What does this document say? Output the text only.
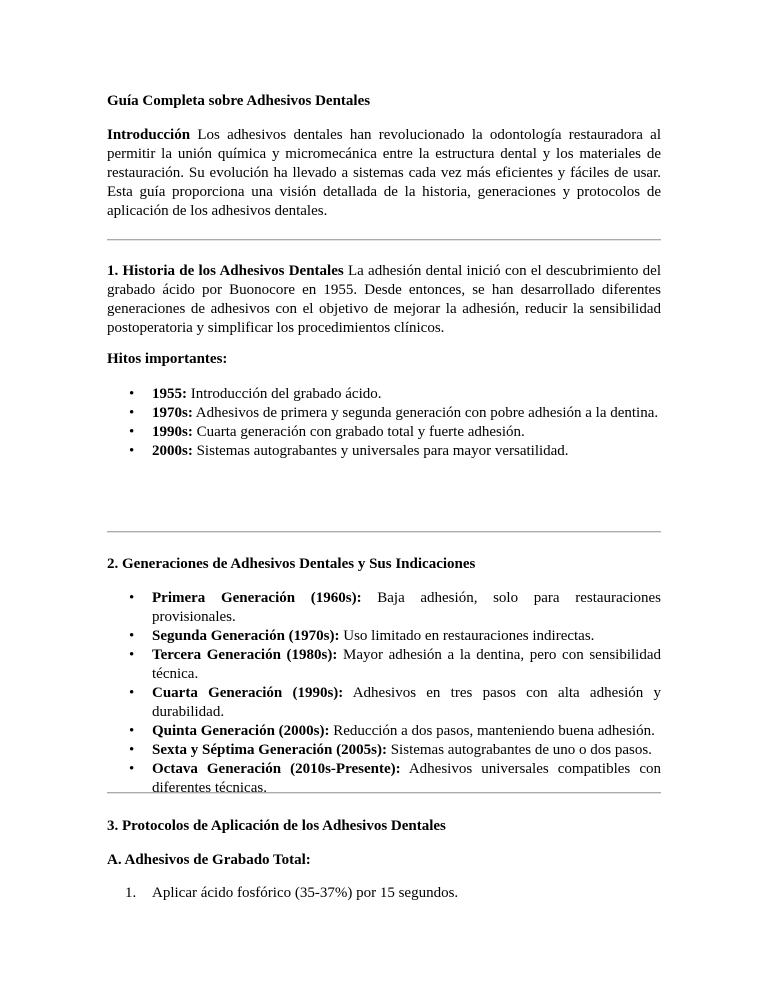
Guía Completa sobre Adhesivos Dentales

Introducción Los adhesivos dentales han revolucionado la odontología restauradora al permitir la unión química y micromecánica entre la estructura dental y los materiales de restauración. Su evolución ha llevado a sistemas cada vez más eficientes y fáciles de usar. Esta guía proporciona una visión detallada de la historia, generaciones y protocolos de aplicación de los adhesivos dentales.

1. Historia de los Adhesivos Dentales La adhesión dental inició con el descubrimiento del grabado ácido por Buonocore en 1955. Desde entonces, se han desarrollado diferentes generaciones de adhesivos con el objetivo de mejorar la adhesión, reducir la sensibilidad postoperatoria y simplificar los procedimientos clínicos.

Hitos importantes:

• 1955: Introducción del grabado ácido.
• 1970s: Adhesivos de primera y segunda generación con pobre adhesión a la dentina.
• 1990s: Cuarta generación con grabado total y fuerte adhesión.
• 2000s: Sistemas autograbantes y universales para mayor versatilidad.

2. Generaciones de Adhesivos Dentales y Sus Indicaciones

• Primera Generación (1960s): Baja adhesión, solo para restauraciones provisionales.
• Segunda Generación (1970s): Uso limitado en restauraciones indirectas.
• Tercera Generación (1980s): Mayor adhesión a la dentina, pero con sensibilidad técnica.
• Cuarta Generación (1990s): Adhesivos en tres pasos con alta adhesión y durabilidad.
• Quinta Generación (2000s): Reducción a dos pasos, manteniendo buena adhesión.
• Sexta y Séptima Generación (2005s): Sistemas autograbantes de uno o dos pasos.
• Octava Generación (2010s-Presente): Adhesivos universales compatibles con diferentes técnicas.

3. Protocolos de Aplicación de los Adhesivos Dentales

A. Adhesivos de Grabado Total:

1. Aplicar ácido fosfórico (35-37%) por 15 segundos.
